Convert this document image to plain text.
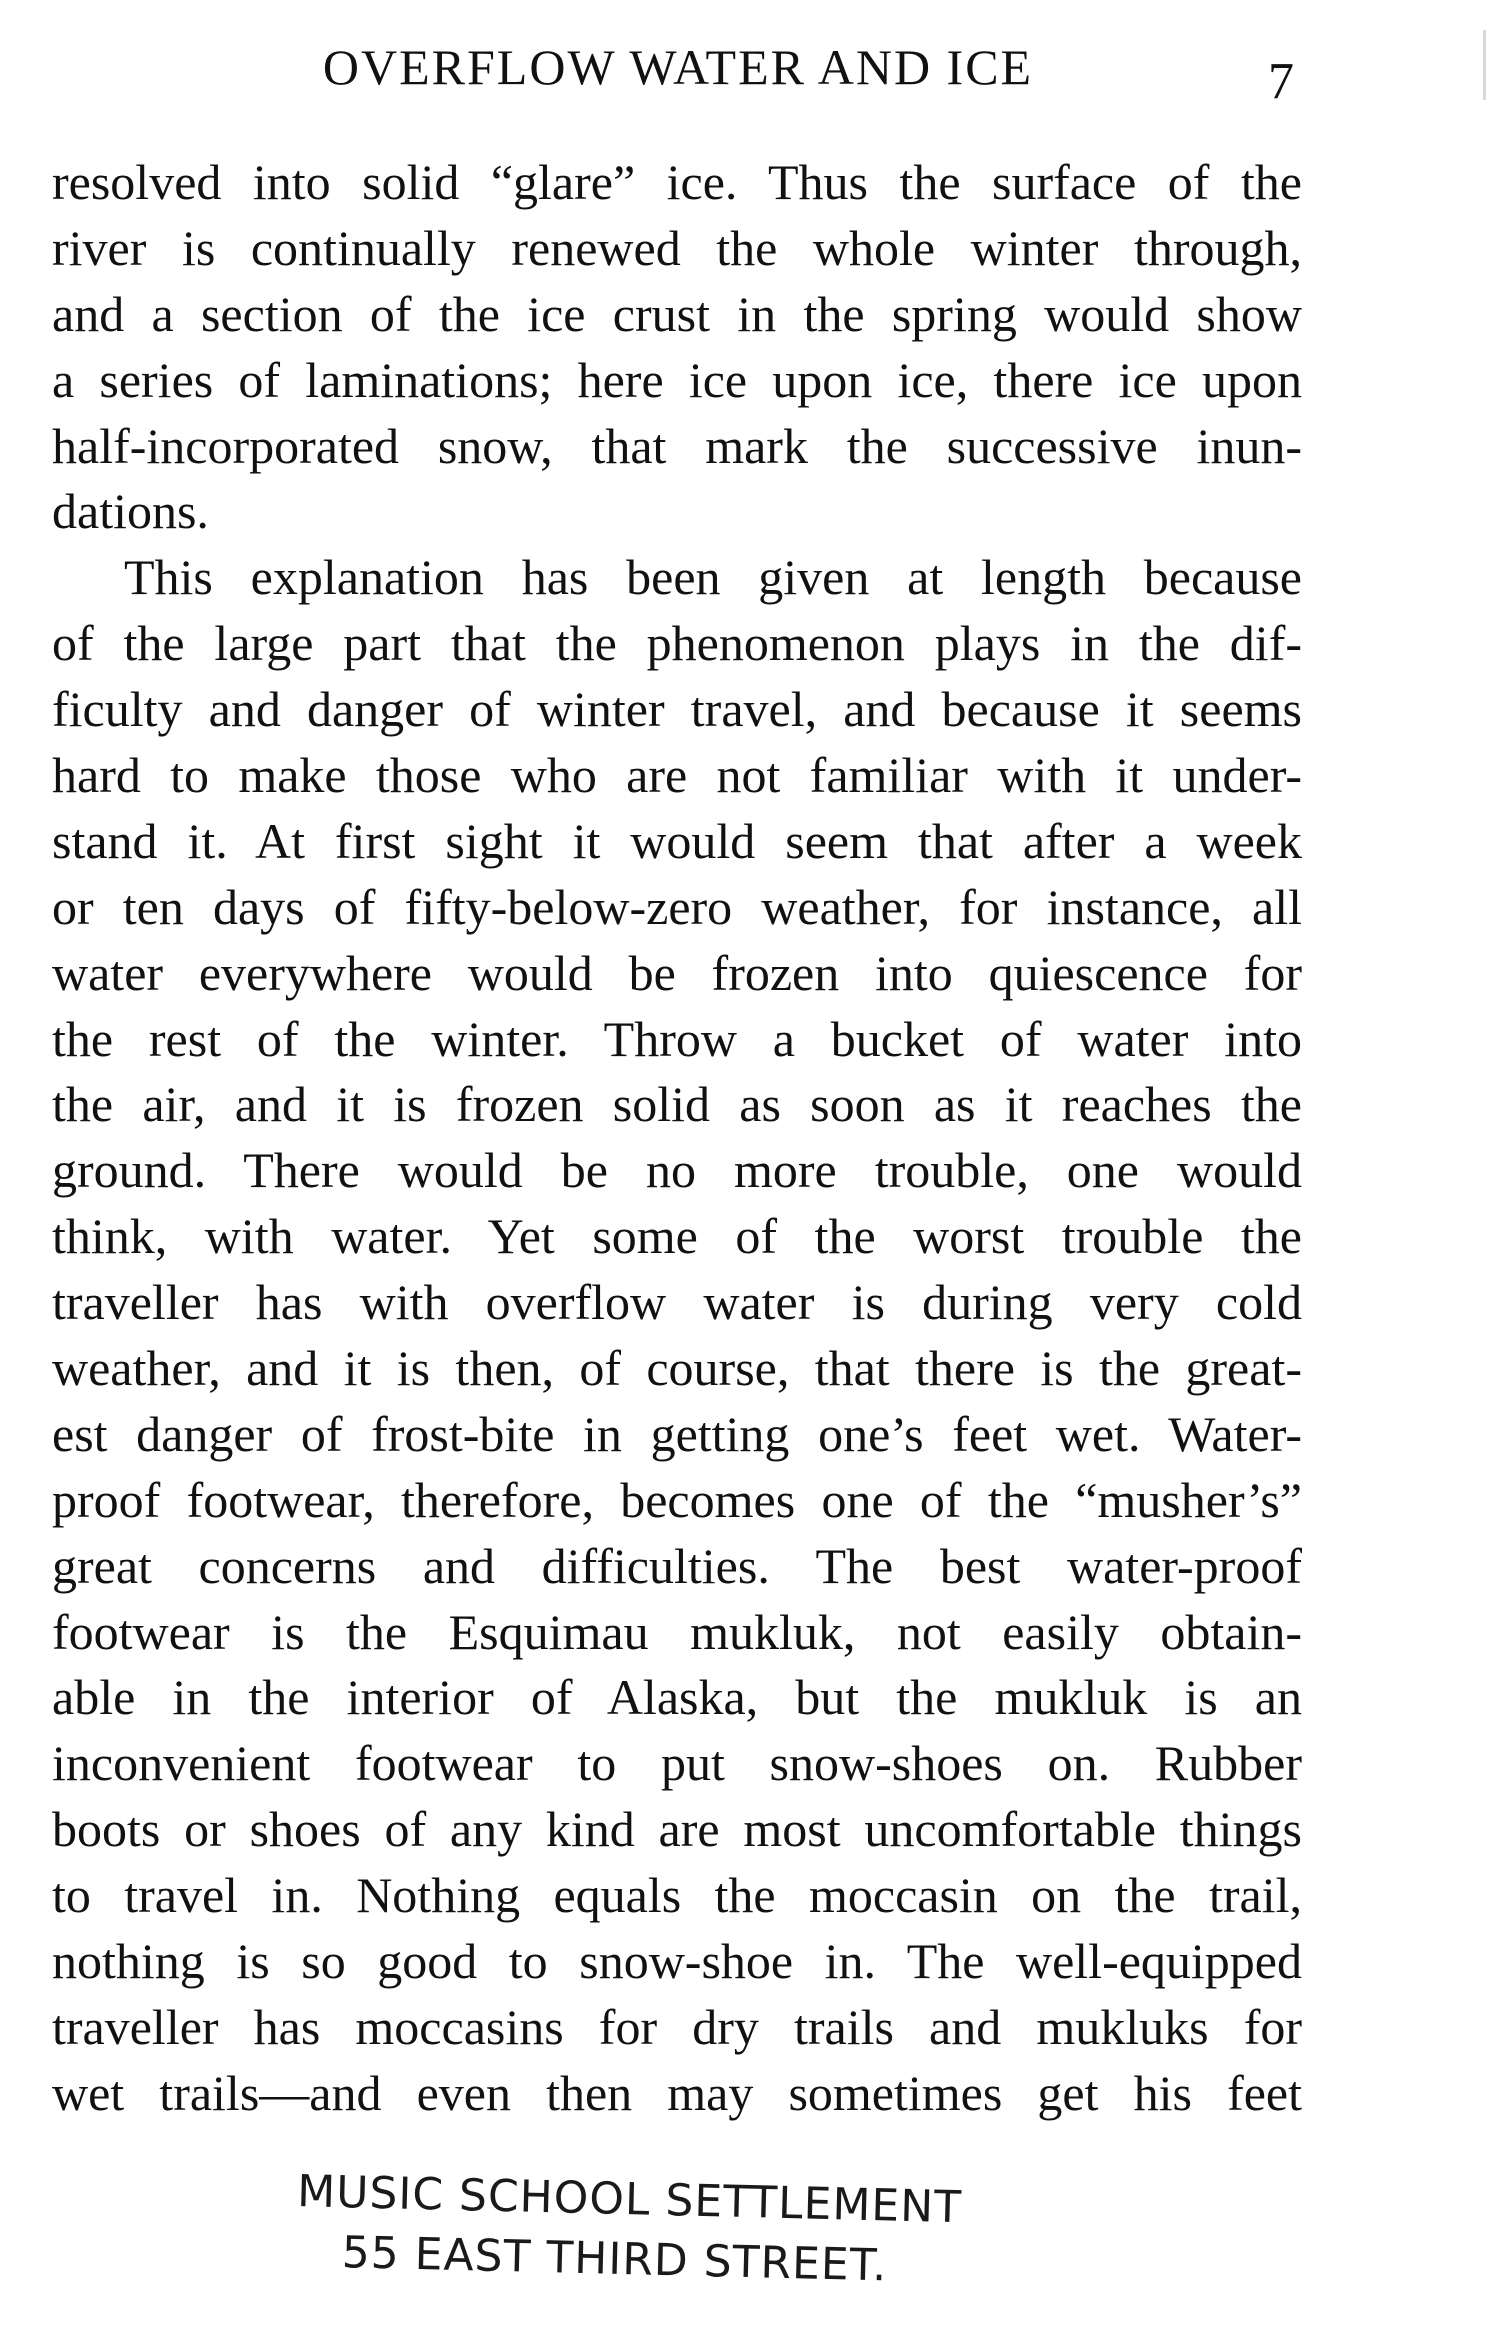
OVERFLOW WATER AND ICE	7
resolved into solid “glare” ice. Thus the surface of the
river is continually renewed the whole winter through,
and a section of the ice crust in the spring would show
a series of laminations; here ice upon ice, there ice upon
half-incorporated snow, that mark the successive inun-
dations.
This explanation has been given at length because
of the large part that the phenomenon plays in the dif-
ficulty and danger of winter travel, and because it seems
hard to make those who are not familiar with it under-
stand it. At first sight it would seem that after a week
or ten days of fifty-below-zero weather, for instance, all
water everywhere would be frozen into quiescence for
the rest of the winter. Throw a bucket of water into
the air, and it is frozen solid as soon as it reaches the
ground. There would be no more trouble, one would
think, with water. Yet some of the worst trouble the
traveller has with overflow water is during very cold
weather, and it is then, of course, that there is the great-
est danger of frost-bite in getting one’s feet wet. Water-
proof footwear, therefore, becomes one of the “musher’s”
great concerns and difficulties. The best water-proof
footwear is the Esquimau mukluk, not easily obtain-
able in the interior of Alaska, but the mukluk is an
inconvenient footwear to put snow-shoes on. Rubber
boots or shoes of any kind are most uncomfortable things
to travel in. Nothing equals the moccasin on the trail,
nothing is so good to snow-shoe in. The well-equipped
traveller has moccasins for dry trails and mukluks for
wet trails—and even then may sometimes get his feet
MUSIC SCHOOL SETTLEMENT
55 EAST THIRD STREET.
